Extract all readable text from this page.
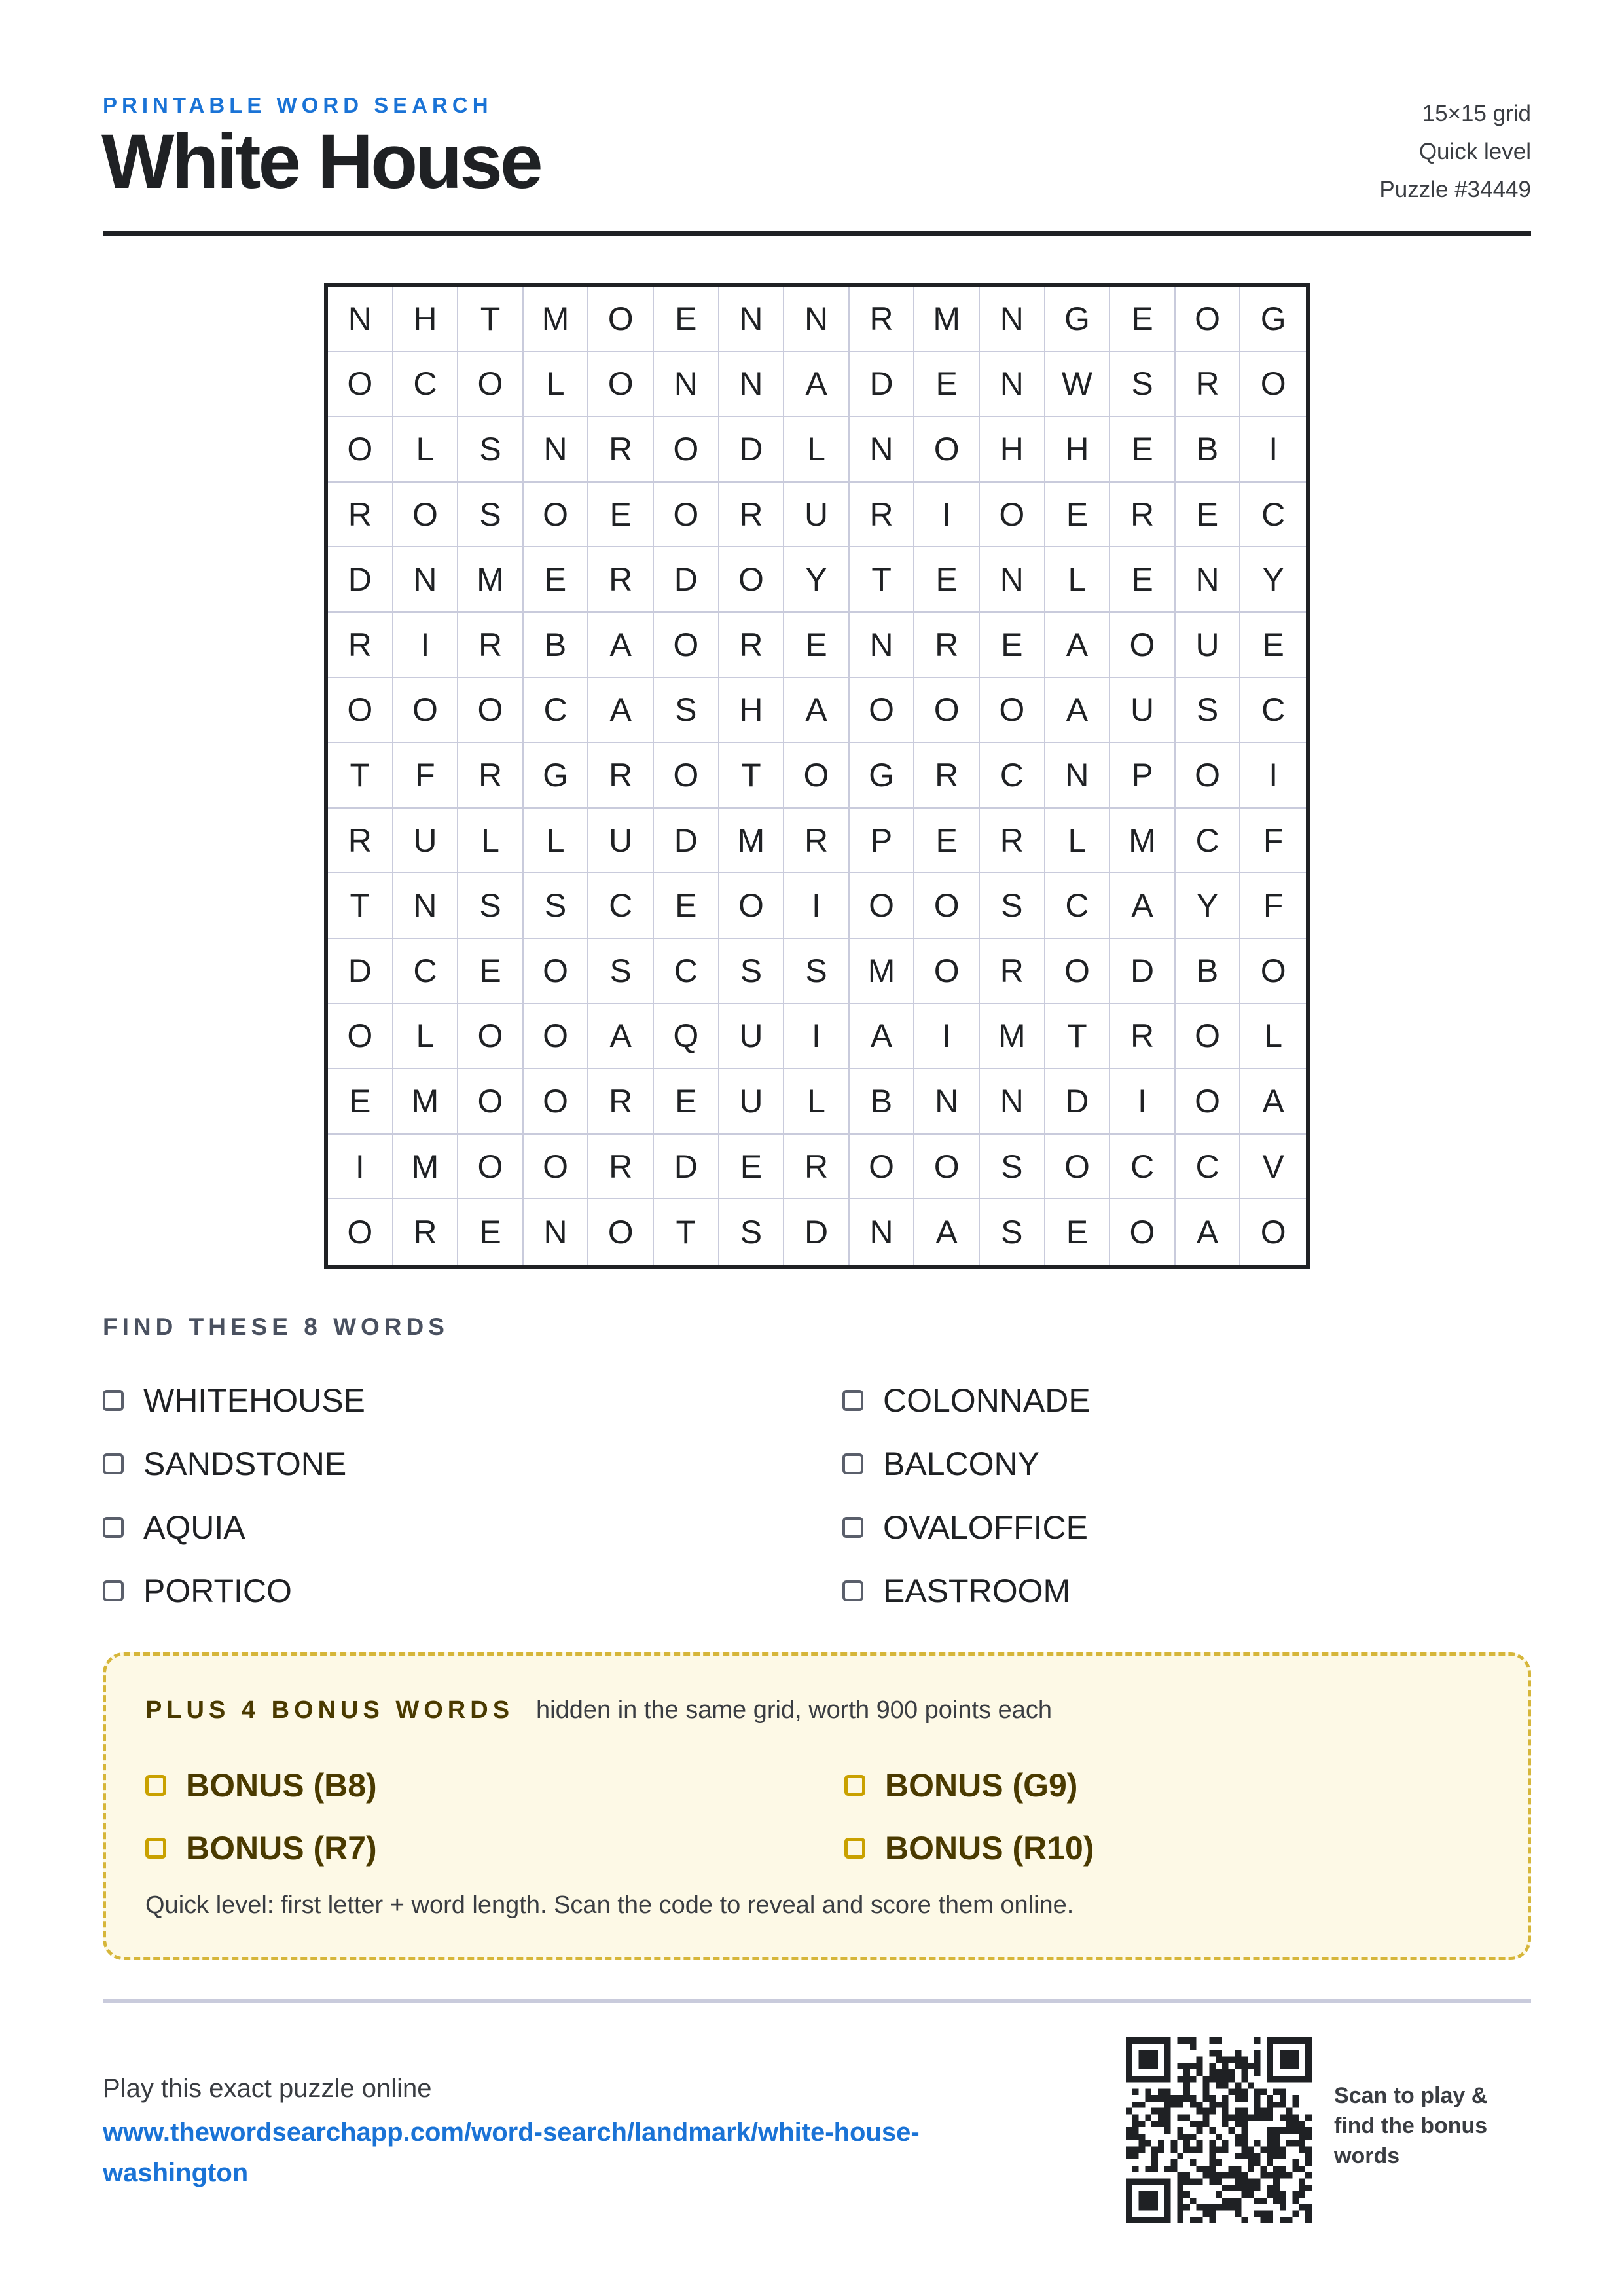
PRINTABLE WORD SEARCH
White House
15×15 grid
Quick level
Puzzle #34449
N	H	T	M	O	E	N	N	R	M	N	G	E	O	G
O	C	O	L	O	N	N	A	D	E	N	W	S	R	O
O	L	S	N	R	O	D	L	N	O	H	H	E	B	I
R	O	S	O	E	O	R	U	R	I	O	E	R	E	C
D	N	M	E	R	D	O	Y	T	E	N	L	E	N	Y
R	I	R	B	A	O	R	E	N	R	E	A	O	U	E
O	O	O	C	A	S	H	A	O	O	O	A	U	S	C
T	F	R	G	R	O	T	O	G	R	C	N	P	O	I
R	U	L	L	U	D	M	R	P	E	R	L	M	C	F
T	N	S	S	C	E	O	I	O	O	S	C	A	Y	F
D	C	E	O	S	C	S	S	M	O	R	O	D	B	O
O	L	O	O	A	Q	U	I	A	I	M	T	R	O	L
E	M	O	O	R	E	U	L	B	N	N	D	I	O	A
I	M	O	O	R	D	E	R	O	O	S	O	C	C	V
O	R	E	N	O	T	S	D	N	A	S	E	O	A	O
FIND THESE 8 WORDS
WHITEHOUSE	COLONNADE
SANDSTONE	BALCONY
AQUIA	OVALOFFICE
PORTICO	EASTROOM
PLUS 4 BONUS WORDS hidden in the same grid, worth 900 points each
BONUS (B8)	BONUS (G9)
BONUS (R7)	BONUS (R10)
Quick level: first letter + word length. Scan the code to reveal and score them online.
Play this exact puzzle online
www.thewordsearchapp.com/word-search/landmark/white-house-washington
Scan to play & find the bonus words
